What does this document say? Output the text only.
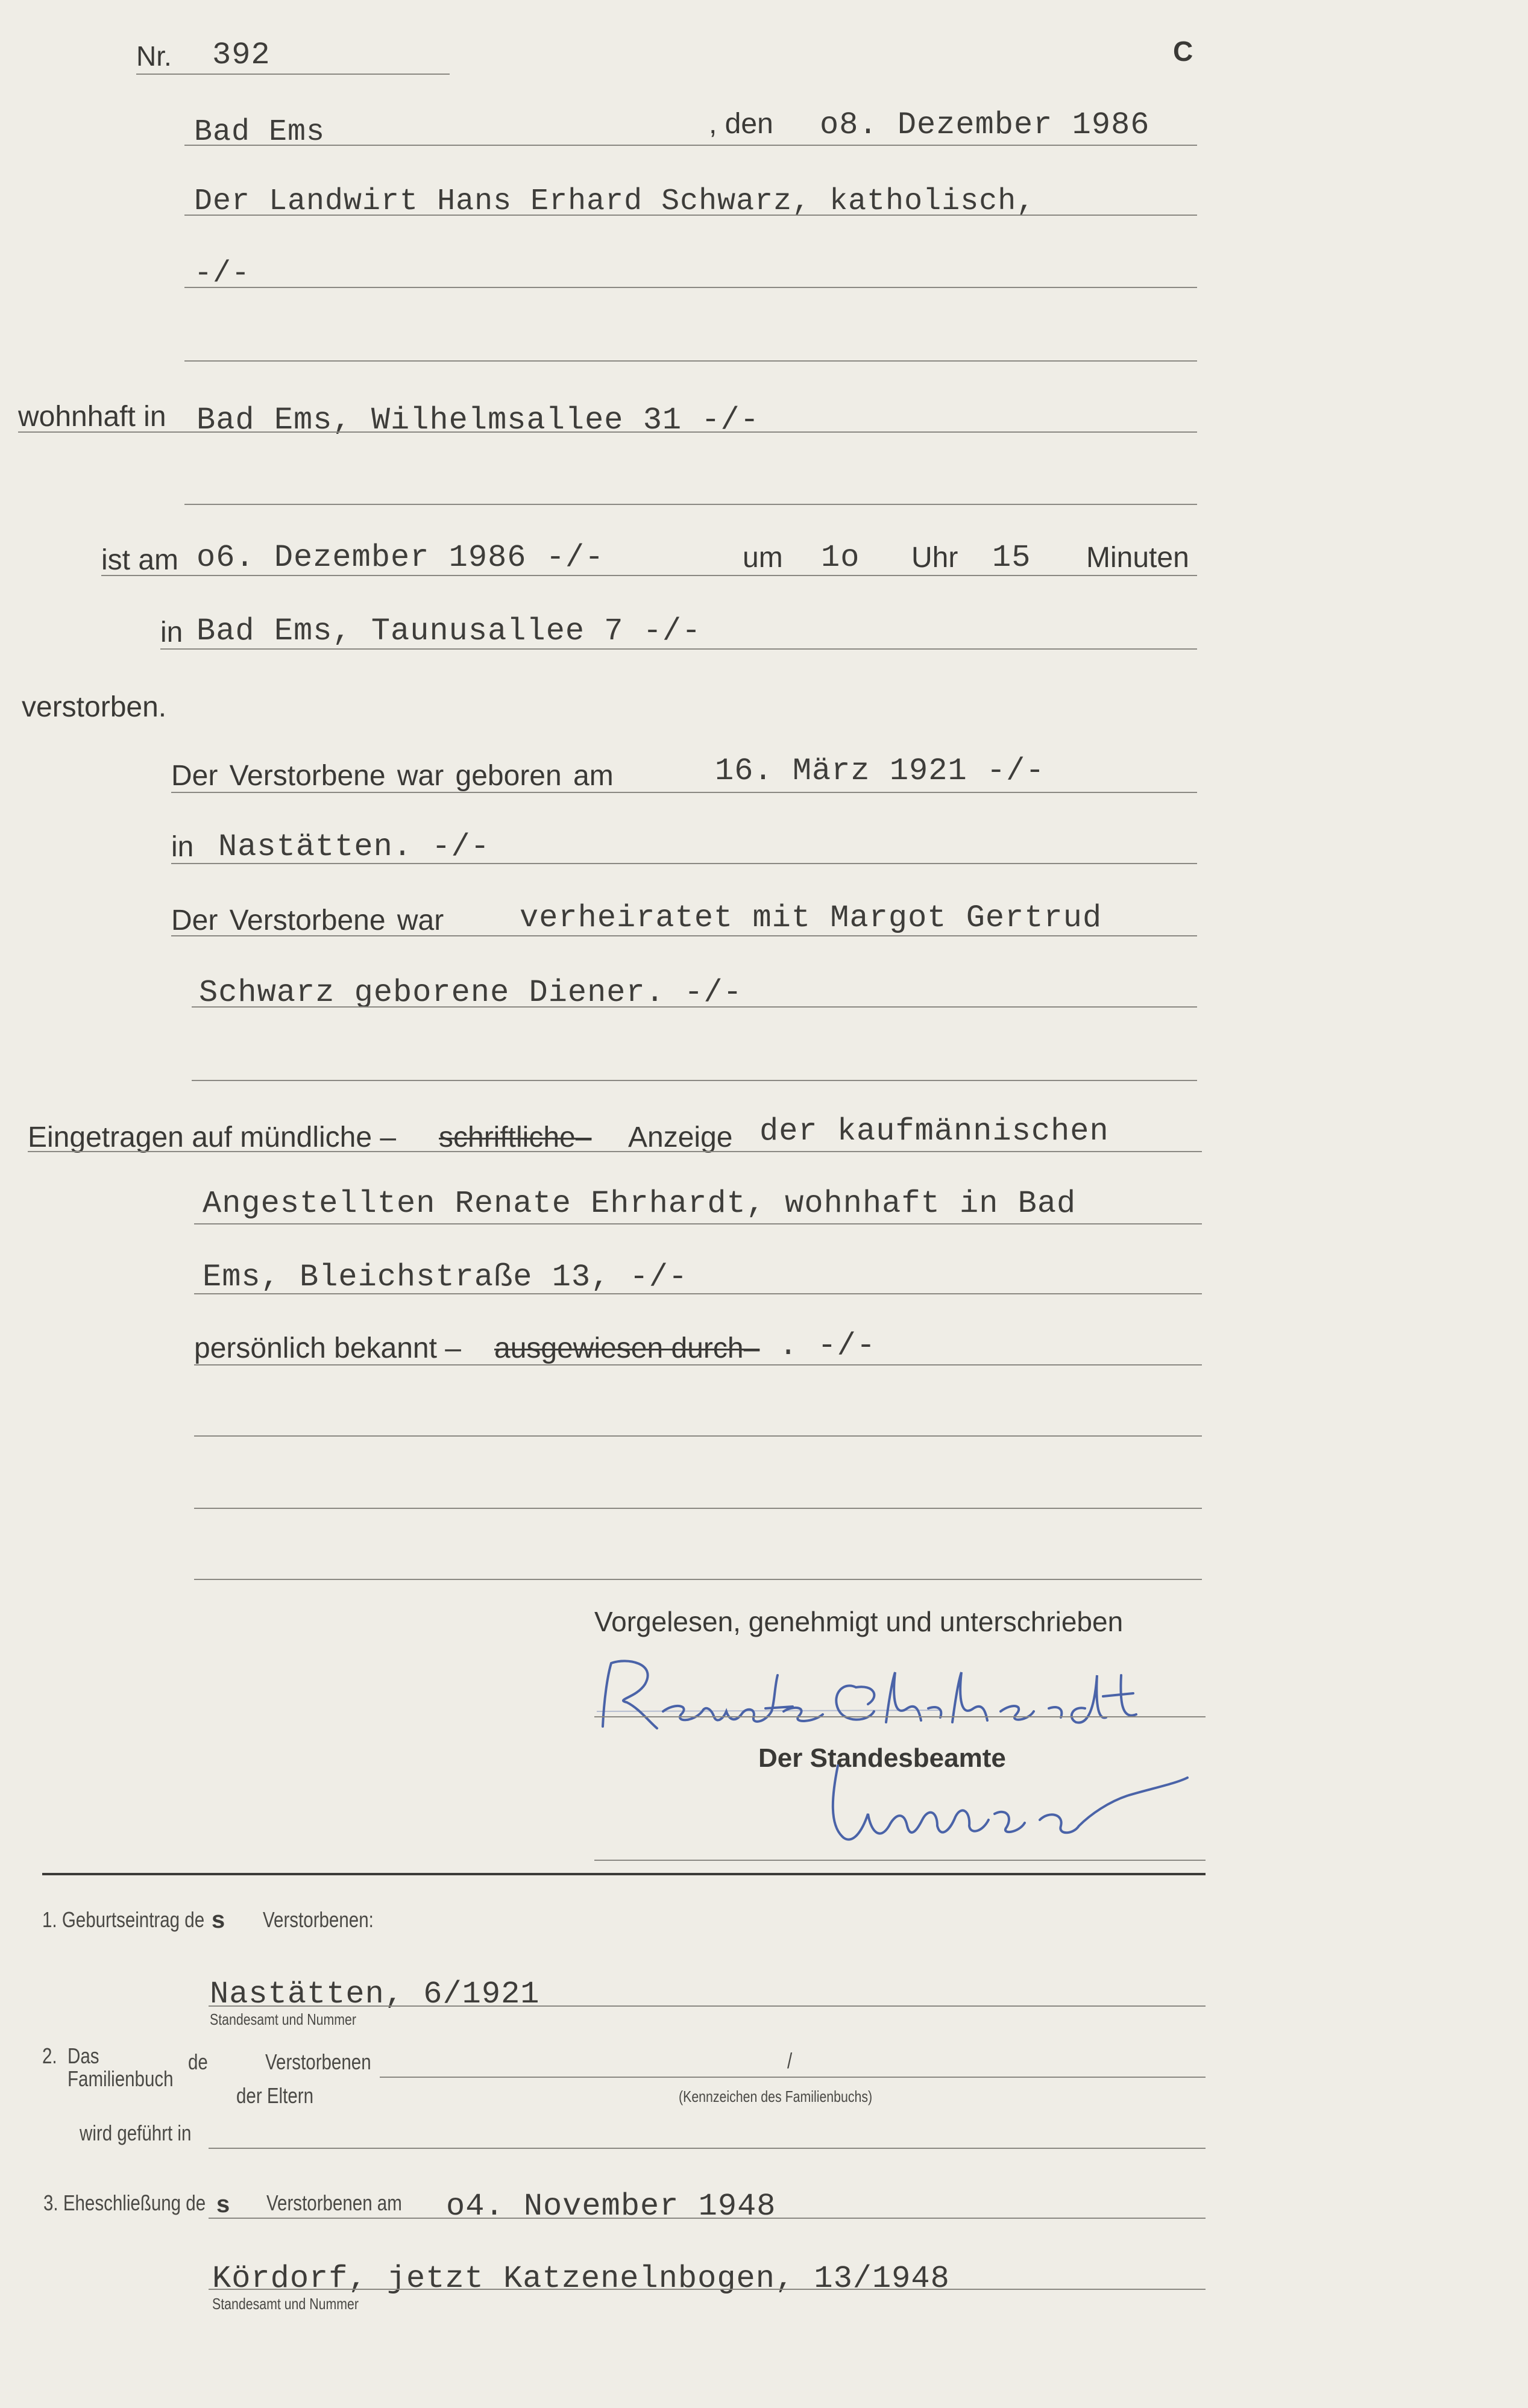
Nr. 392	C
Bad Ems	, den o8. Dezember 1986
Der Landwirt Hans Erhard Schwarz, katholisch,
-/-
wohnhaft in Bad Ems, Wilhelmsallee 31 -/-
ist am o6. Dezember 1986 -/-	um 1o Uhr 15 Minuten
in Bad Ems, Taunusallee 7 -/-
verstorben.
Der Verstorbene war geboren am	16. März 1921 -/-
in Nastätten. -/-
Der Verstorbene war verheiratet mit Margot Gertrud
Schwarz geborene Diener. -/-
Eingetragen auf mündliche – schriftliche– Anzeige der kaufmännischen
Angestellten Renate Ehrhardt, wohnhaft in Bad
Ems, Bleichstraße 13, -/-
persönlich bekannt – ausgewiesen durch– . -/-
Vorgelesen, genehmigt und unterschrieben
Der Standesbeamte
1. Geburtseintrag de s Verstorbenen:
Nastätten, 6/1921
Standesamt und Nummer
2. Das
Familienbuch
de	Verstorbenen	/
der Eltern	(Kennzeichen des Familienbuchs)
wird geführt in
3. Eheschließung de s Verstorbenen am o4. November 1948
Kördorf, jetzt Katzenelnbogen, 13/1948
Standesamt und Nummer
